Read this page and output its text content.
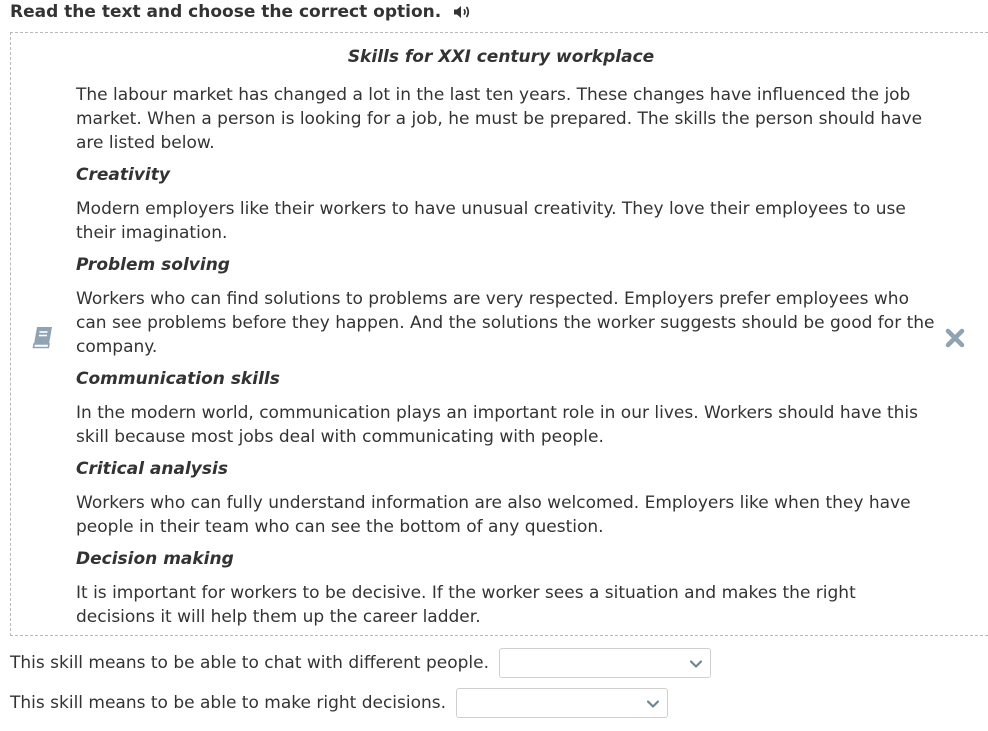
Read the text and choose the correct option.
Skills for XXI century workplace
The labour market has changed a lot in the last ten years. These changes have influenced the job market. When a person is looking for a job, he must be prepared. The skills the person should have are listed below.
Creativity
Modern employers like their workers to have unusual creativity. They love their employees to use their imagination.
Problem solving
Workers who can find solutions to problems are very respected. Employers prefer employees who can see problems before they happen. And the solutions the worker suggests should be good for the company.
Communication skills
In the modern world, communication plays an important role in our lives. Workers should have this skill because most jobs deal with communicating with people.
Critical analysis
Workers who can fully understand information are also welcomed. Employers like when they have people in their team who can see the bottom of any question.
Decision making
It is important for workers to be decisive. If the worker sees a situation and makes the right decisions it will help them up the career ladder.
This skill means to be able to chat with different people.
This skill means to be able to make right decisions.
